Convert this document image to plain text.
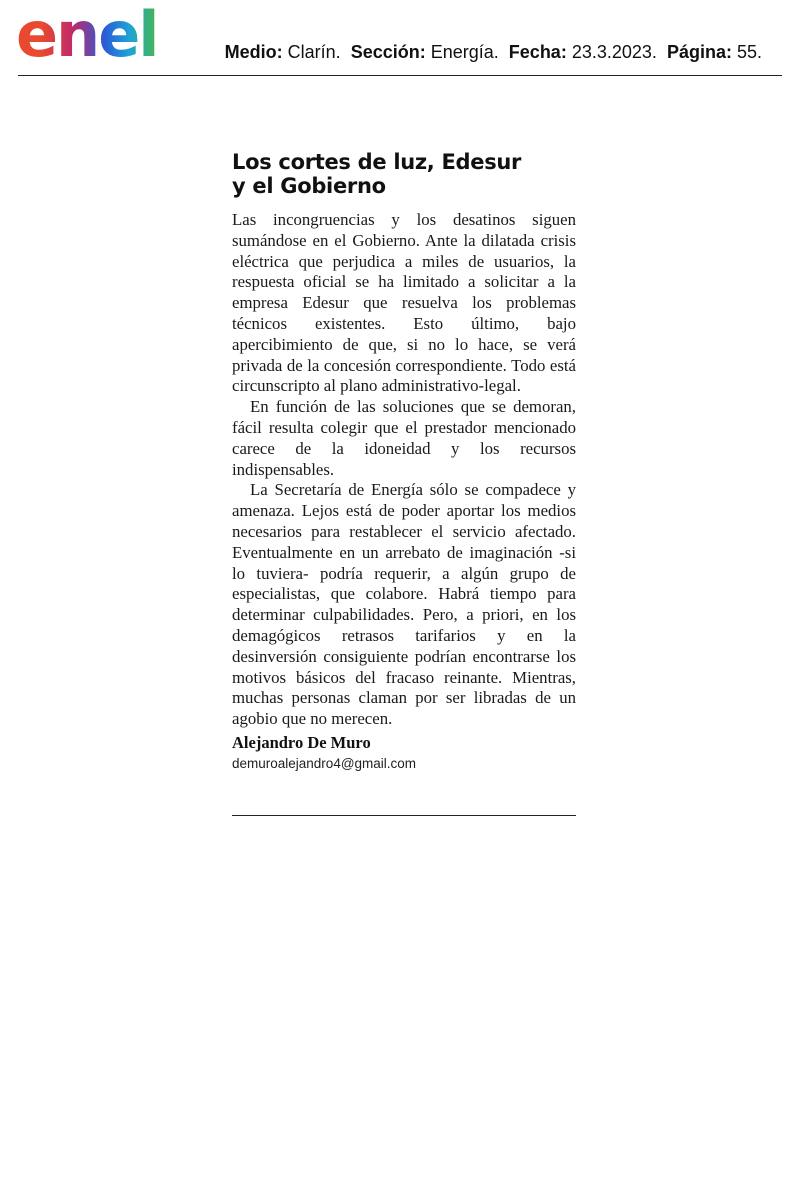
enel	Medio: Clarín. Sección: Energía. Fecha: 23.3.2023. Página: 55.
Los cortes de luz, Edesur
y el Gobierno

Las incongruencias y los desatinos siguen sumándose en el Gobierno. Ante la dilatada crisis eléctrica que perjudica a miles de usuarios, la respuesta oficial se ha limitado a solicitar a la empresa Edesur que resuelva los problemas técnicos existentes. Esto último, bajo apercibimiento de que, si no lo hace, se verá privada de la concesión correspondiente. Todo está circunscripto al plano administrativo-legal.

En función de las soluciones que se demoran, fácil resulta colegir que el prestador mencionado carece de la idoneidad y los recursos indispensables.

La Secretaría de Energía sólo se compadece y amenaza. Lejos está de poder aportar los medios necesarios para restablecer el servicio afectado. Eventualmente en un arrebato de imaginación -si lo tuviera- podría requerir, a algún grupo de especialistas, que colabore. Habrá tiempo para determinar culpabilidades. Pero, a priori, en los demagógicos retrasos tarifarios y en la desinversión consiguiente podrían encontrarse los motivos básicos del fracaso reinante. Mientras, muchas personas claman por ser libradas de un agobio que no merecen.

Alejandro De Muro

demuroalejandro4@gmail.com
